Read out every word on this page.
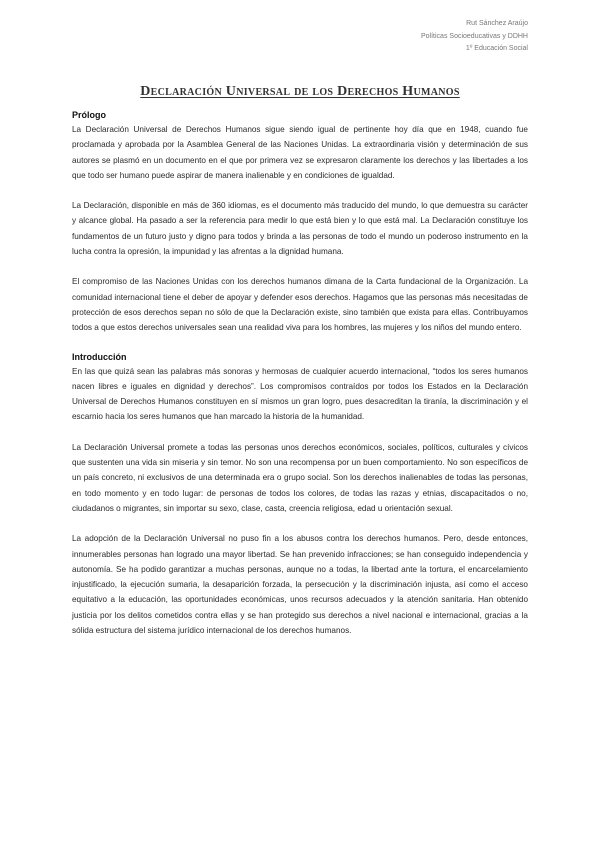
Rut Sánchez Araújo
Políticas Socioeducativas y DDHH
1º Educación Social
Declaración Universal de los Derechos Humanos

Prólogo

La Declaración Universal de Derechos Humanos sigue siendo igual de pertinente hoy día que en 1948, cuando fue proclamada y aprobada por la Asamblea General de las Naciones Unidas. La extraordinaria visión y determinación de sus autores se plasmó en un documento en el que por primera vez se expresaron claramente los derechos y las libertades a los que todo ser humano puede aspirar de manera inalienable y en condiciones de igualdad.

La Declaración, disponible en más de 360 idiomas, es el documento más traducido del mundo, lo que demuestra su carácter y alcance global. Ha pasado a ser la referencia para medir lo que está bien y lo que está mal. La Declaración constituye los fundamentos de un futuro justo y digno para todos y brinda a las personas de todo el mundo un poderoso instrumento en la lucha contra la opresión, la impunidad y las afrentas a la dignidad humana.

El compromiso de las Naciones Unidas con los derechos humanos dimana de la Carta fundacional de la Organización. La comunidad internacional tiene el deber de apoyar y defender esos derechos. Hagamos que las personas más necesitadas de protección de esos derechos sepan no sólo de que la Declaración existe, sino también que exista para ellas. Contribuyamos todos a que estos derechos universales sean una realidad viva para los hombres, las mujeres y los niños del mundo entero.

Introducción

En las que quizá sean las palabras más sonoras y hermosas de cualquier acuerdo internacional, “todos los seres humanos nacen libres e iguales en dignidad y derechos”. Los compromisos contraídos por todos los Estados en la Declaración Universal de Derechos Humanos constituyen en sí mismos un gran logro, pues desacreditan la tiranía, la discriminación y el escarnio hacia los seres humanos que han marcado la historia de la humanidad.

La Declaración Universal promete a todas las personas unos derechos económicos, sociales, políticos, culturales y cívicos que sustenten una vida sin miseria y sin temor. No son una recompensa por un buen comportamiento. No son específicos de un país concreto, ni exclusivos de una determinada era o grupo social. Son los derechos inalienables de todas las personas, en todo momento y en todo lugar: de personas de todos los colores, de todas las razas y etnias, discapacitados o no, ciudadanos o migrantes, sin importar su sexo, clase, casta, creencia religiosa, edad u orientación sexual.

La adopción de la Declaración Universal no puso fin a los abusos contra los derechos humanos. Pero, desde entonces, innumerables personas han logrado una mayor libertad. Se han prevenido infracciones; se han conseguido independencia y autonomía. Se ha podido garantizar a muchas personas, aunque no a todas, la libertad ante la tortura, el encarcelamiento injustificado, la ejecución sumaria, la desaparición forzada, la persecución y la discriminación injusta, así como el acceso equitativo a la educación, las oportunidades económicas, unos recursos adecuados y la atención sanitaria. Han obtenido justicia por los delitos cometidos contra ellas y se han protegido sus derechos a nivel nacional e internacional, gracias a la sólida estructura del sistema jurídico internacional de los derechos humanos.
